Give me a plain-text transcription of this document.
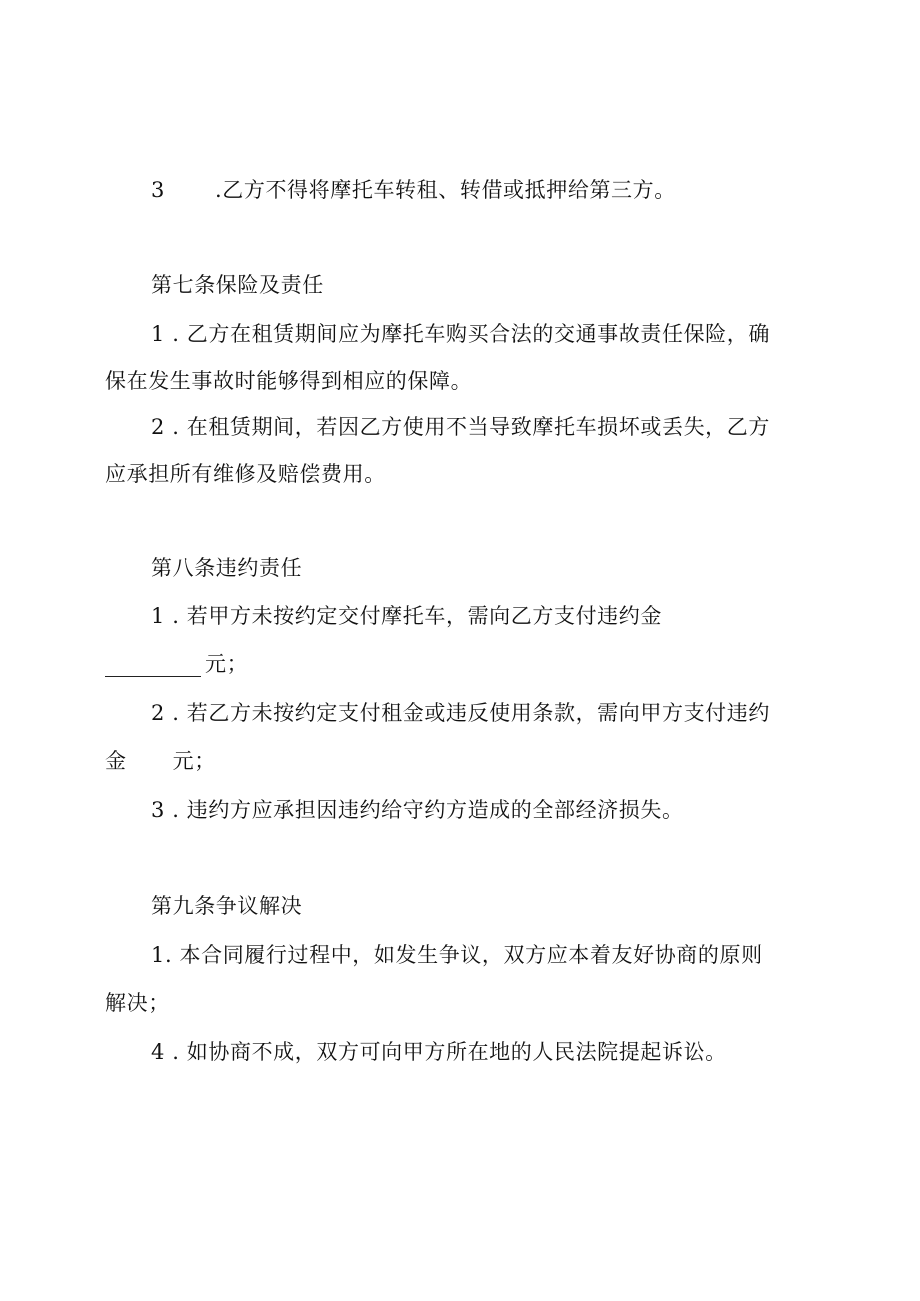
3 .乙方不得将摩托车转租、转借或抵押给第三方。
第七条保险及责任
1 . 乙方在租赁期间应为摩托车购买合法的交通事故责任保险，确
保在发生事故时能够得到相应的保障。
2 . 在租赁期间，若因乙方使用不当导致摩托车损坏或丢失，乙方
应承担所有维修及赔偿费用。
第八条违约责任
1 . 若甲方未按约定交付摩托车，需向乙方支付违约金
元；
2 . 若乙方未按约定支付租金或违反使用条款，需向甲方支付违约
金 元；
3 . 违约方应承担因违约给守约方造成的全部经济损失。
第九条争议解决
1. 本合同履行过程中，如发生争议，双方应本着友好协商的原则
解决；
4 . 如协商不成，双方可向甲方所在地的人民法院提起诉讼。
